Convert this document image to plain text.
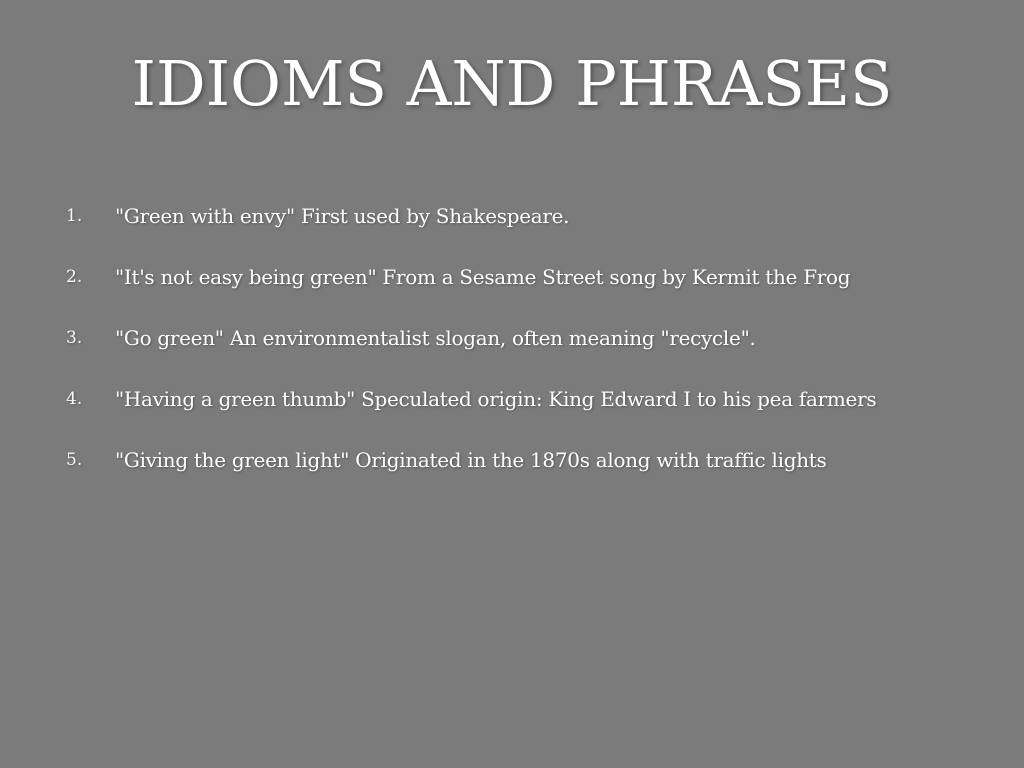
IDIOMS AND PHRASES
1.	"Green with envy" First used by Shakespeare.
2.	"It's not easy being green" From a Sesame Street song by Kermit the Frog
3.	"Go green" An environmentalist slogan, often meaning "recycle".
4.	"Having a green thumb" Speculated origin: King Edward I to his pea farmers
5.	"Giving the green light" Originated in the 1870s along with traffic lights
